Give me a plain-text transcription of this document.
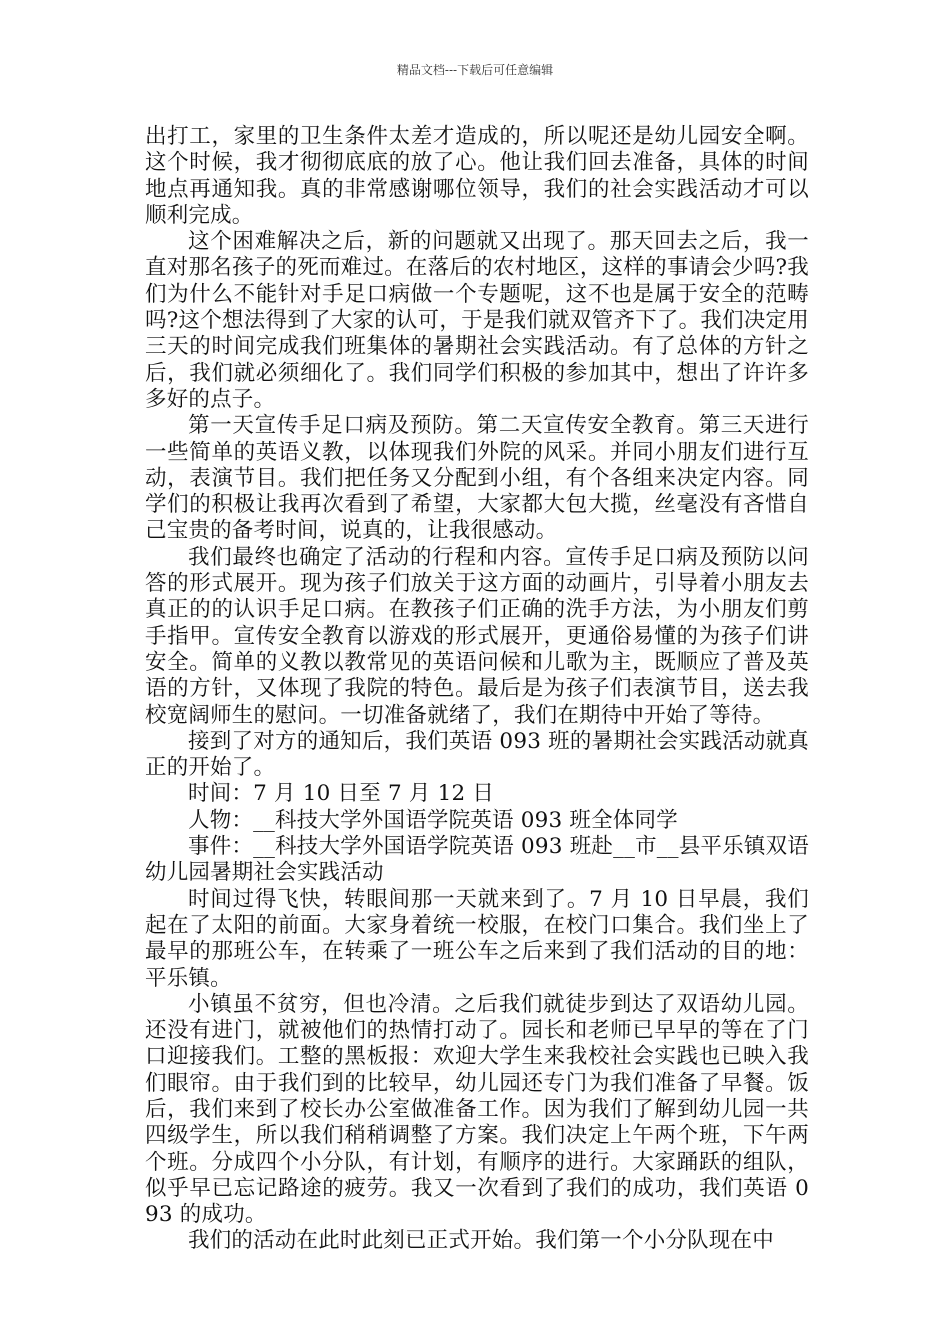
精品文档---下载后可任意编辑

出打工，家里的卫生条件太差才造成的，所以呢还是幼儿园安全啊。这个时候，我才彻彻底底的放了心。他让我们回去准备，具体的时间地点再通知我。真的非常感谢哪位领导，我们的社会实践活动才可以顺利完成。

这个困难解决之后，新的问题就又出现了。那天回去之后，我一直对那名孩子的死而难过。在落后的农村地区，这样的事请会少吗?我们为什么不能针对手足口病做一个专题呢，这不也是属于安全的范畴吗?这个想法得到了大家的认可，于是我们就双管齐下了。我们决定用三天的时间完成我们班集体的暑期社会实践活动。有了总体的方针之后，我们就必须细化了。我们同学们积极的参加其中，想出了许许多多好的点子。

第一天宣传手足口病及预防。第二天宣传安全教育。第三天进行一些简单的英语义教，以体现我们外院的风采。并同小朋友们进行互动，表演节目。我们把任务又分配到小组，有个各组来决定内容。同学们的积极让我再次看到了希望，大家都大包大揽，丝毫没有吝惜自己宝贵的备考时间，说真的，让我很感动。

我们最终也确定了活动的行程和内容。宣传手足口病及预防以问答的形式展开。现为孩子们放关于这方面的动画片，引导着小朋友去真正的的认识手足口病。在教孩子们正确的洗手方法，为小朋友们剪手指甲。宣传安全教育以游戏的形式展开，更通俗易懂的为孩子们讲安全。简单的义教以教常见的英语问候和儿歌为主，既顺应了普及英语的方针，又体现了我院的特色。最后是为孩子们表演节目，送去我校宽阔师生的慰问。一切准备就绪了，我们在期待中开始了等待。

接到了对方的通知后，我们英语 093 班的暑期社会实践活动就真正的开始了。

时间：7 月 10 日至 7 月 12 日

人物：__科技大学外国语学院英语 093 班全体同学

事件：__科技大学外国语学院英语 093 班赴__市__县平乐镇双语幼儿园暑期社会实践活动

时间过得飞快，转眼间那一天就来到了。7 月 10 日早晨，我们起在了太阳的前面。大家身着统一校服，在校门口集合。我们坐上了最早的那班公车，在转乘了一班公车之后来到了我们活动的目的地：平乐镇。

小镇虽不贫穷，但也冷清。之后我们就徒步到达了双语幼儿园。还没有进门，就被他们的热情打动了。园长和老师已早早的等在了门口迎接我们。工整的黑板报：欢迎大学生来我校社会实践也已映入我们眼帘。由于我们到的比较早，幼儿园还专门为我们准备了早餐。饭后，我们来到了校长办公室做准备工作。因为我们了解到幼儿园一共四级学生，所以我们稍稍调整了方案。我们决定上午两个班，下午两个班。分成四个小分队，有计划，有顺序的进行。大家踊跃的组队，似乎早已忘记路途的疲劳。我又一次看到了我们的成功，我们英语 093 的成功。

我们的活动在此时此刻已正式开始。我们第一个小分队现在中
